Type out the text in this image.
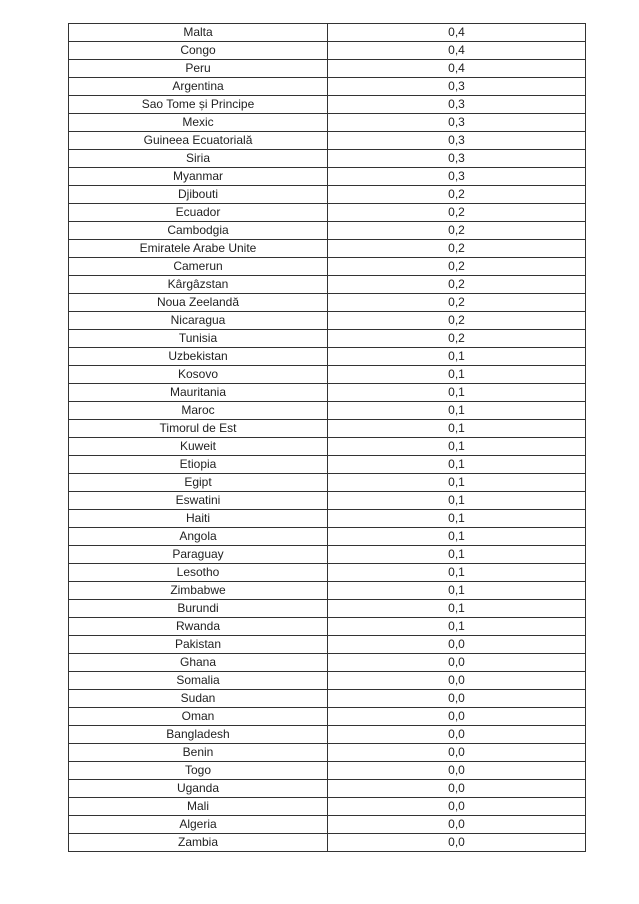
Malta	0,4
Congo	0,4
Peru	0,4
Argentina	0,3
Sao Tome și Principe	0,3
Mexic	0,3
Guineea Ecuatorială	0,3
Siria	0,3
Myanmar	0,3
Djibouti	0,2
Ecuador	0,2
Cambodgia	0,2
Emiratele Arabe Unite	0,2
Camerun	0,2
Kârgâzstan	0,2
Noua Zeelandă	0,2
Nicaragua	0,2
Tunisia	0,2
Uzbekistan	0,1
Kosovo	0,1
Mauritania	0,1
Maroc	0,1
Timorul de Est	0,1
Kuweit	0,1
Etiopia	0,1
Egipt	0,1
Eswatini	0,1
Haiti	0,1
Angola	0,1
Paraguay	0,1
Lesotho	0,1
Zimbabwe	0,1
Burundi	0,1
Rwanda	0,1
Pakistan	0,0
Ghana	0,0
Somalia	0,0
Sudan	0,0
Oman	0,0
Bangladesh	0,0
Benin	0,0
Togo	0,0
Uganda	0,0
Mali	0,0
Algeria	0,0
Zambia	0,0
